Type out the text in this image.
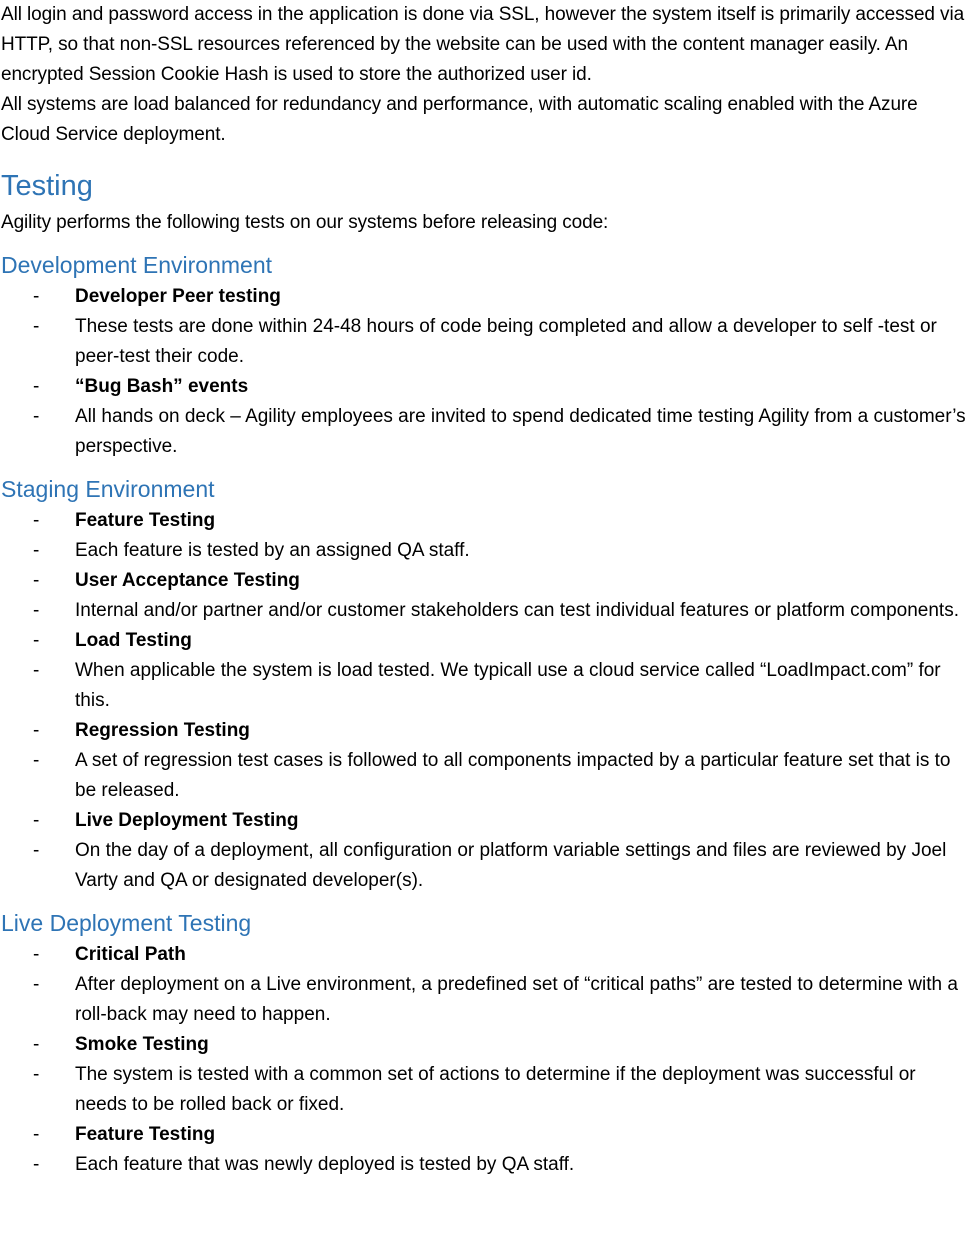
All login and password access in the application is done via SSL, however the system itself is primarily accessed via HTTP, so that non-SSL resources referenced by the website can be used with the content manager easily. An encrypted Session Cookie Hash is used to store the authorized user id.

All systems are load balanced for redundancy and performance, with automatic scaling enabled with the Azure Cloud Service deployment.

Testing

Agility performs the following tests on our systems before releasing code:

Development Environment
- Developer Peer testing
- These tests are done within 24-48 hours of code being completed and allow a developer to self -test or peer-test their code.
- “Bug Bash” events
- All hands on deck – Agility employees are invited to spend dedicated time testing Agility from a customer’s perspective.
Staging Environment
- Feature Testing
- Each feature is tested by an assigned QA staff.
- User Acceptance Testing
- Internal and/or partner and/or customer stakeholders can test individual features or platform components.
- Load Testing
- When applicable the system is load tested. We typicall use a cloud service called “LoadImpact.com” for this.
- Regression Testing
- A set of regression test cases is followed to all components impacted by a particular feature set that is to be released.
- Live Deployment Testing
- On the day of a deployment, all configuration or platform variable settings and files are reviewed by Joel Varty and QA or designated developer(s).
Live Deployment Testing
- Critical Path
- After deployment on a Live environment, a predefined set of “critical paths” are tested to determine with a roll-back may need to happen.
- Smoke Testing
- The system is tested with a common set of actions to determine if the deployment was successful or needs to be rolled back or fixed.
- Feature Testing
- Each feature that was newly deployed is tested by QA staff.
